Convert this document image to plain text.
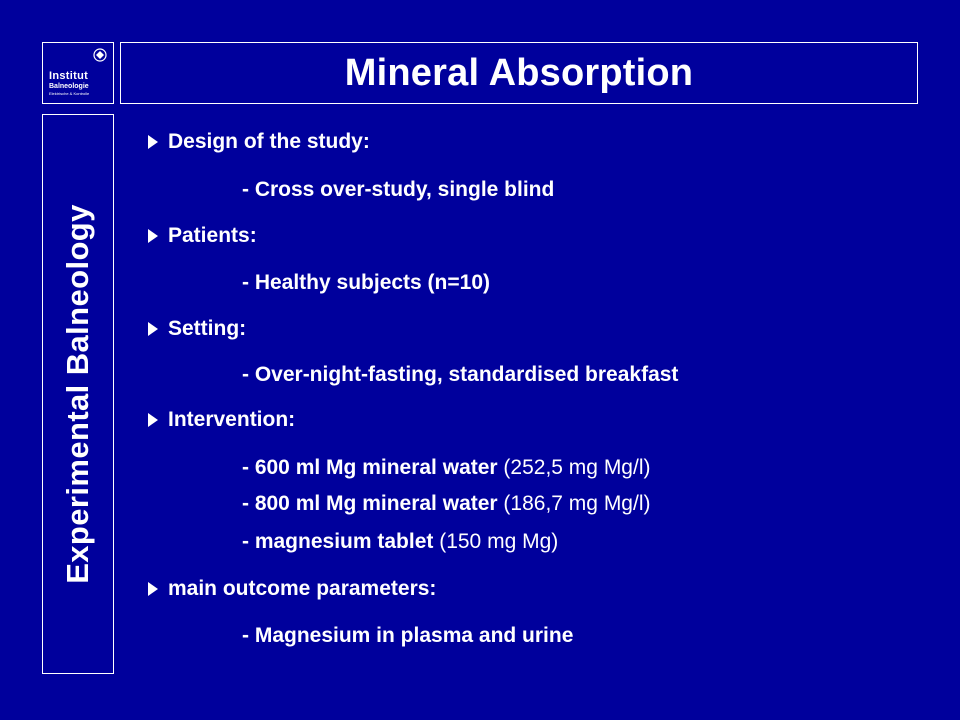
Institut
Balneologie
Elektrische & Kontrolle	Mineral Absorption
Experimental Balneology
Design of the study:
- Cross over-study, single blind
Patients:
- Healthy subjects (n=10)
Setting:
- Over-night-fasting, standardised breakfast
Intervention:
- 600 ml Mg mineral water (252,5 mg Mg/l)
- 800 ml Mg mineral water (186,7 mg Mg/l)
- magnesium tablet (150 mg Mg)
main outcome parameters:
- Magnesium in plasma and urine
